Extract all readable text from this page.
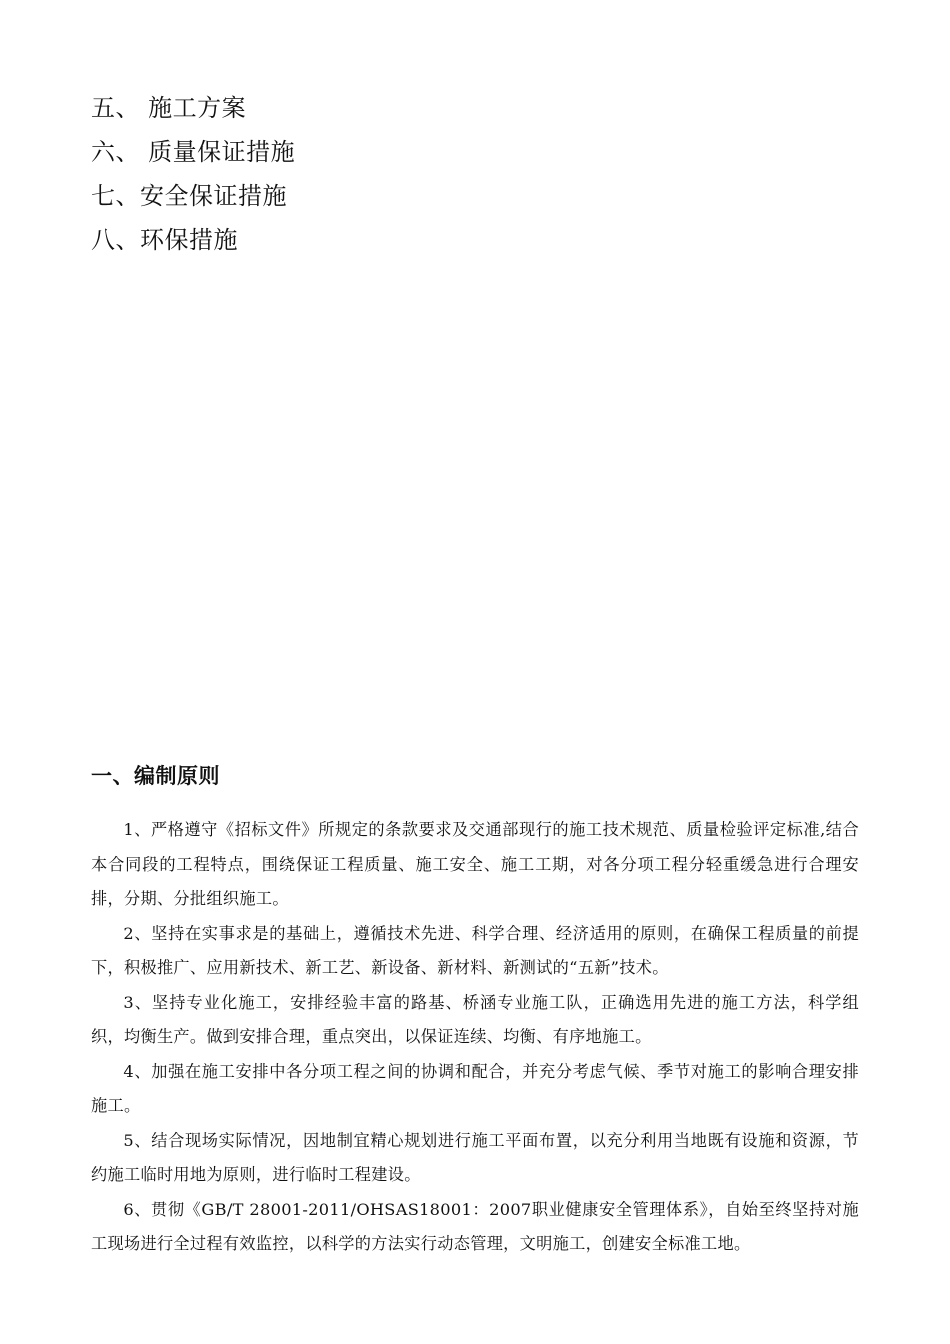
五、 施工方案
六、 质量保证措施
七、安全保证措施
八、环保措施
一、编制原则

1、严格遵守《招标文件》所规定的条款要求及交通部现行的施工技术规范、质量检验评定标准,结合本合同段的工程特点，围绕保证工程质量、施工安全、施工工期，对各分项工程分轻重缓急进行合理安排，分期、分批组织施工。

2、坚持在实事求是的基础上，遵循技术先进、科学合理、经济适用的原则，在确保工程质量的前提下，积极推广、应用新技术、新工艺、新设备、新材料、新测试的“五新”技术。

3、坚持专业化施工，安排经验丰富的路基、桥涵专业施工队，正确选用先进的施工方法，科学组织，均衡生产。做到安排合理，重点突出，以保证连续、均衡、有序地施工。

4、加强在施工安排中各分项工程之间的协调和配合，并充分考虑气候、季节对施工的影响合理安排施工。

5、结合现场实际情况，因地制宜精心规划进行施工平面布置，以充分利用当地既有设施和资源，节约施工临时用地为原则，进行临时工程建设。

6、贯彻《GB/T 28001-2011/OHSAS18001：2007职业健康安全管理体系》，自始至终坚持对施工现场进行全过程有效监控，以科学的方法实行动态管理，文明施工，创建安全标准工地。
